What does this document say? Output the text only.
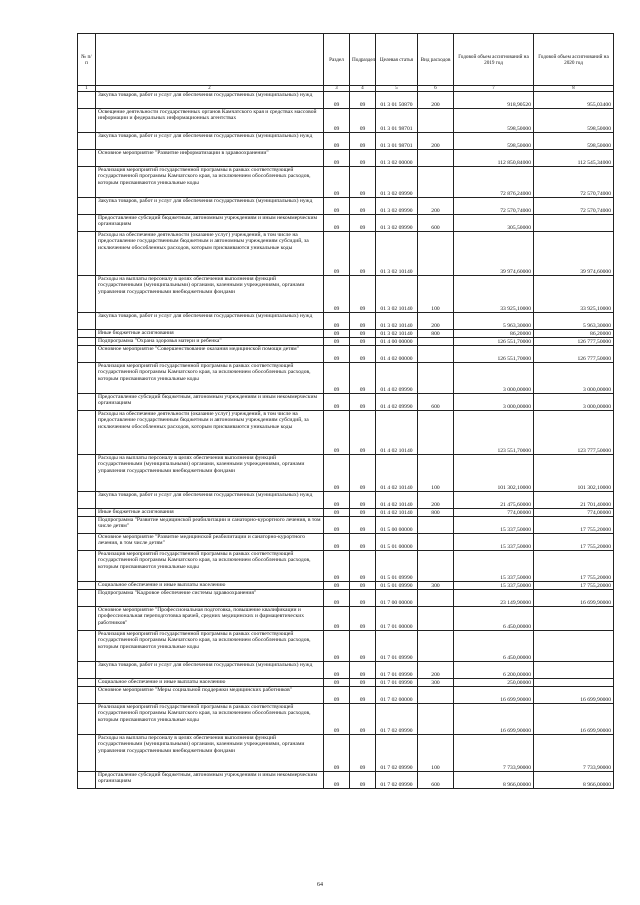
№ п/п		Раздел	Подраздел	Целевая статья	Вид расходов	Годовой объем ассигнований на 2019 год	Годовой объем ассигнований на 2020 год
1	2	3	4	5	6	7	8
	Закупка товаров, работ и услуг для обеспечения государственных (муниципальных) нужд	09	09	01 3 01 50870	200	918,90520	955,03400
	Освещение деятельности государственных органов Камчатского края и средствах массовой информации и федеральных информационных агентствах	09	09	01 3 01 98701		598,50000	598,50000
	Закупка товаров, работ и услуг для обеспечения государственных (муниципальных) нужд	09	09	01 3 01 98701	200	598,50000	598,50000
	Основное мероприятие "Развитие информатизации в здравоохранении"	09	09	01 3 02 00000		112 850,84000	112 545,34000
	Реализация мероприятий государственной программы в рамках соответствующей государственной программы Камчатского края, за исключением обособленных расходов, которым присваиваются уникальные коды	09	09	01 3 02 09990		72 876,24000	72 570,74000
	Закупка товаров, работ и услуг для обеспечения государственных (муниципальных) нужд	09	09	01 3 02 09990	200	72 570,74000	72 570,74000
	Предоставление субсидий бюджетным, автономным учреждениям и иным некоммерческим организациям	09	09	01 3 02 09990	600	305,50000	
	Расходы на обеспечение деятельности (оказание услуг) учреждений, в том числе на предоставление государственным бюджетным и автономным учреждениям субсидий, за исключением обособленных расходов, которым присваиваются уникальные коды	09	09	01 3 02 10140		39 974,60000	39 974,60000
	Расходы на выплаты персоналу в целях обеспечения выполнения функций государственными (муниципальными) органами, казенными учреждениями, органами управления государственными внебюджетными фондами	09	09	01 3 02 10140	100	33 925,10000	33 925,10000
	Закупка товаров, работ и услуг для обеспечения государственных (муниципальных) нужд	09	09	01 3 02 10140	200	5 963,30000	5 963,30000
	Иные бюджетные ассигнования	09	09	01 3 02 10140	800	86,20000	86,20000
	Подпрограмма "Охрана здоровья матери и ребенка"	09	09	01 4 00 00000		126 551,70000	126 777,50000
	Основное мероприятие "Совершенствование оказания медицинской помощи детям"	09	09	01 4 02 00000		126 551,70000	126 777,50000
	Реализация мероприятий государственной программы в рамках соответствующей государственной программы Камчатского края, за исключением обособленных расходов, которым присваиваются уникальные коды	09	09	01 4 02 09990		3 000,00000	3 000,00000
	Предоставление субсидий бюджетным, автономным учреждениям и иным некоммерческим организациям	09	09	01 4 02 09990	600	3 000,00000	3 000,00000
	Расходы на обеспечение деятельности (оказание услуг) учреждений, в том числе на предоставление государственным бюджетным и автономным учреждениям субсидий, за исключением обособленных расходов, которым присваиваются уникальные коды	09	09	01 4 02 10140		123 551,70000	123 777,50000
	Расходы на выплаты персоналу в целях обеспечения выполнения функций государственными (муниципальными) органами, казенными учреждениями, органами управления государственными внебюджетными фондами	09	09	01 4 02 10140	100	101 302,10000	101 302,10000
	Закупка товаров, работ и услуг для обеспечения государственных (муниципальных) нужд	09	09	01 4 02 10140	200	21 475,60000	21 701,40000
	Иные бюджетные ассигнования	09	09	01 4 02 10140	800	774,00000	774,00000
	Подпрограмма "Развитие медицинской реабилитации и санаторно-курортного лечения, в том числе детям"	09	09	01 5 00 00000		15 337,50000	17 755,20000
	Основное мероприятие "Развитие медицинской реабилитации и санаторно-курортного лечения, в том числе детям"	09	09	01 5 01 00000		15 337,50000	17 755,20000
	Реализация мероприятий государственной программы в рамках соответствующей государственной программы Камчатского края, за исключением обособленных расходов, которым присваиваются уникальные коды	09	09	01 5 01 09990		15 337,50000	17 755,20000
	Социальное обеспечение и иные выплаты населению	09	09	01 5 01 09990	300	15 337,50000	17 755,20000
	Подпрограмма "Кадровое обеспечение системы здравоохранения"	09	09	01 7 00 00000		23 149,90000	16 699,90000
	Основное мероприятие "Профессиональная подготовка, повышение квалификации и профессиональная переподготовка врачей, средних медицинских и фармацевтических работников"	09	09	01 7 01 00000		6 450,00000	
	Реализация мероприятий государственной программы в рамках соответствующей государственной программы Камчатского края, за исключением обособленных расходов, которым присваиваются уникальные коды	09	09	01 7 01 09990		6 450,00000	
	Закупка товаров, работ и услуг для обеспечения государственных (муниципальных) нужд	09	09	01 7 01 09990	200	6 200,00000	
	Социальное обеспечение и иные выплаты населению	09	09	01 7 01 09990	300	250,00000	
	Основное мероприятие "Меры социальной поддержки медицинских работников"	09	09	01 7 02 00000		16 699,90000	16 699,90000
	Реализация мероприятий государственной программы в рамках соответствующей государственной программы Камчатского края, за исключением обособленных расходов, которым присваиваются уникальные коды	09	09	01 7 02 09990		16 699,90000	16 699,90000
	Расходы на выплаты персоналу в целях обеспечения выполнения функций государственными (муниципальными) органами, казенными учреждениями, органами управления государственными внебюджетными фондами	09	09	01 7 02 09990	100	7 733,90000	7 733,90000
	Предоставление субсидий бюджетным, автономным учреждениям и иным некоммерческим организациям	09	09	01 7 02 09990	600	8 966,00000	8 966,00000
64
